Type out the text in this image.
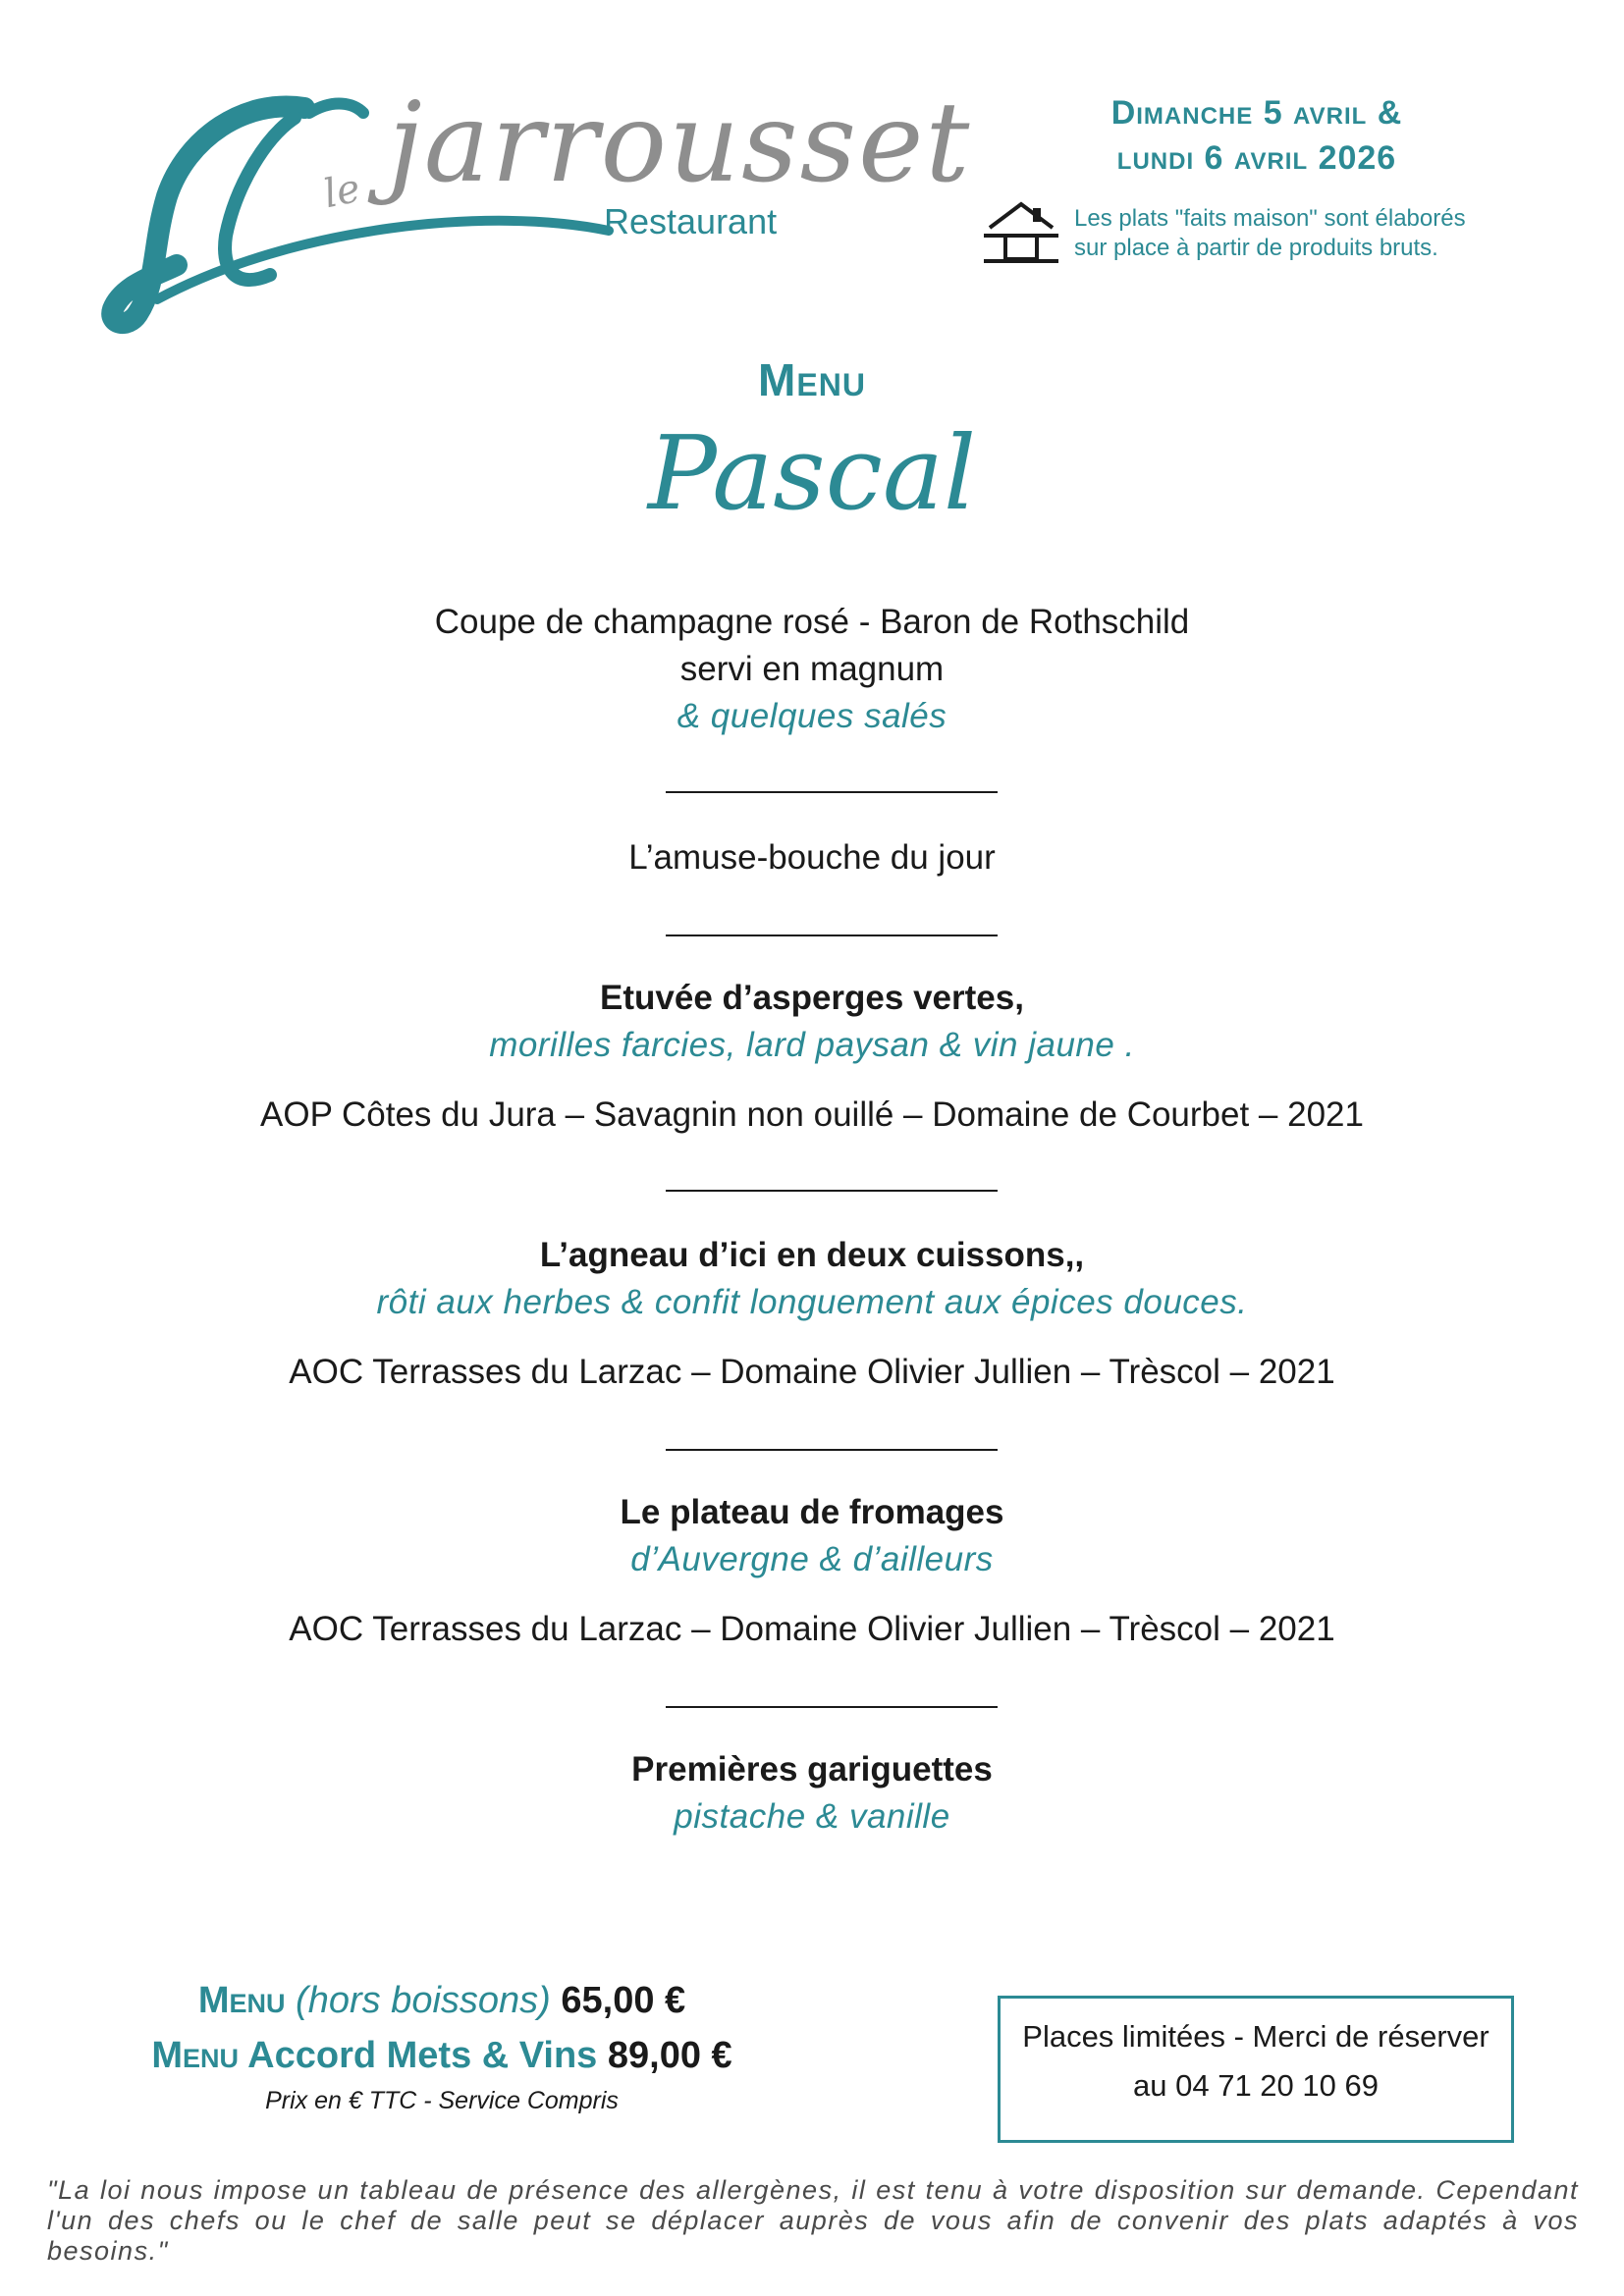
le jarrousset
Restaurant
Dimanche 5 avril &
lundi 6 avril 2026
Les plats "faits maison" sont élaborés
sur place à partir de produits bruts.
Menu
Pascal
Coupe de champagne rosé - Baron de Rothschild
servi en magnum
& quelques salés
L’amuse-bouche du jour
Etuvée d’asperges vertes,
morilles farcies, lard paysan & vin jaune .
AOP Côtes du Jura – Savagnin non ouillé – Domaine de Courbet – 2021
L’agneau d’ici en deux cuissons,,
rôti aux herbes & confit longuement aux épices douces.
AOC Terrasses du Larzac – Domaine Olivier Jullien – Trèscol – 2021
Le plateau de fromages
d’Auvergne & d’ailleurs
AOC Terrasses du Larzac – Domaine Olivier Jullien – Trèscol – 2021
Premières gariguettes
pistache & vanille
Menu (hors boissons) 65,00 €
Menu Accord Mets & Vins 89,00 €
Prix en € TTC - Service Compris
Places limitées - Merci de réserver
au 04 71 20 10 69
"La loi nous impose un tableau de présence des allergènes, il est tenu à votre disposition sur demande. Cependant l'un des chefs ou le chef de salle peut se déplacer auprès de vous afin de convenir des plats adaptés à vos besoins."
